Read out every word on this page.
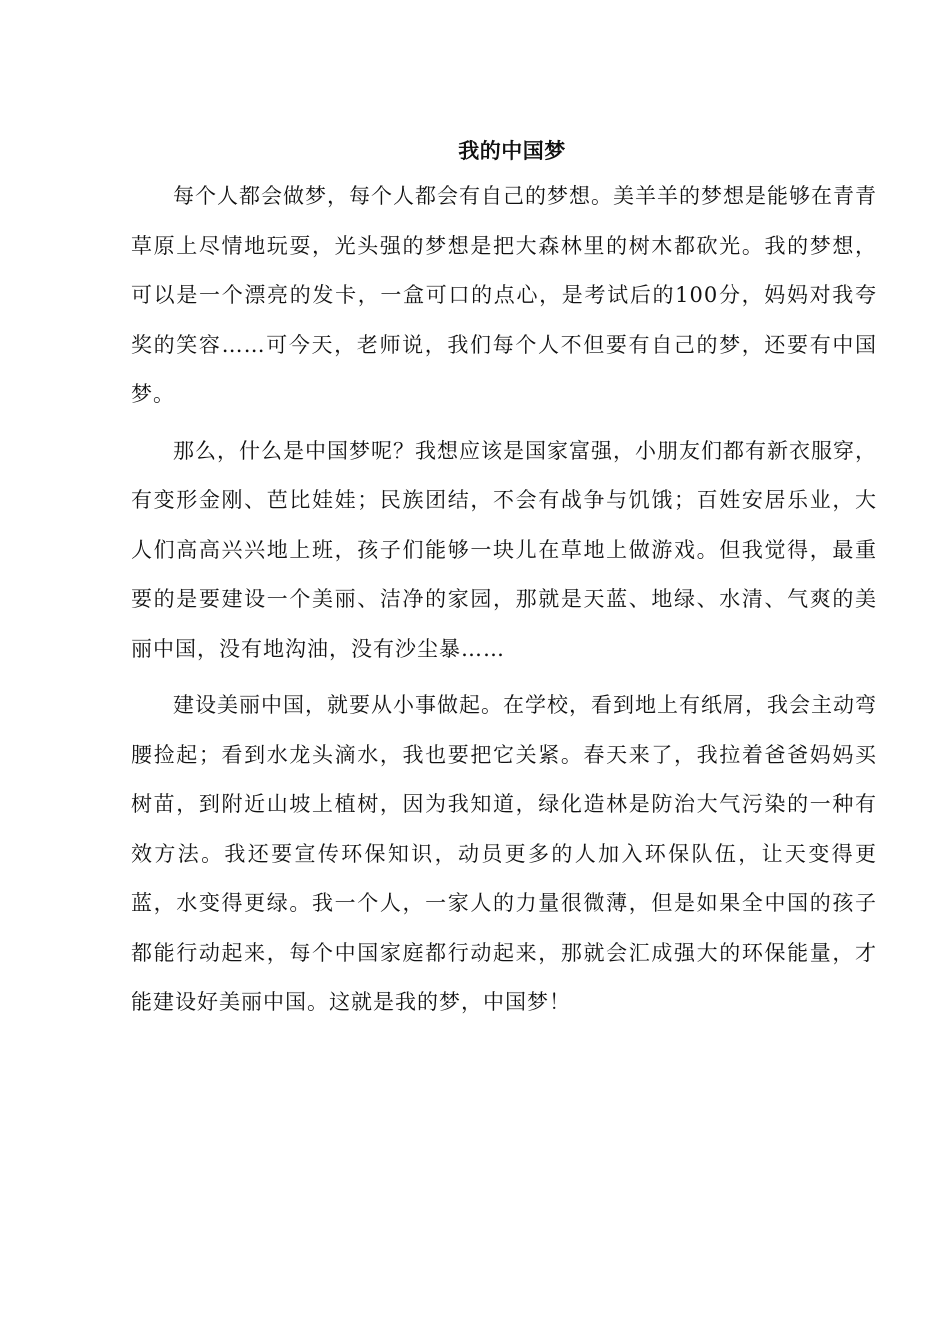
我的中国梦

每个人都会做梦，每个人都会有自己的梦想。美羊羊的梦想是能够在青青草原上尽情地玩耍，光头强的梦想是把大森林里的树木都砍光。我的梦想，可以是一个漂亮的发卡，一盒可口的点心，是考试后的100分，妈妈对我夸奖的笑容……可今天，老师说，我们每个人不但要有自己的梦，还要有中国梦。

那么，什么是中国梦呢？我想应该是国家富强，小朋友们都有新衣服穿，有变形金刚、芭比娃娃；民族团结，不会有战争与饥饿；百姓安居乐业，大人们高高兴兴地上班，孩子们能够一块儿在草地上做游戏。但我觉得，最重要的是要建设一个美丽、洁净的家园，那就是天蓝、地绿、水清、气爽的美丽中国，没有地沟油，没有沙尘暴……

建设美丽中国，就要从小事做起。在学校，看到地上有纸屑，我会主动弯腰捡起；看到水龙头滴水，我也要把它关紧。春天来了，我拉着爸爸妈妈买树苗，到附近山坡上植树，因为我知道，绿化造林是防治大气污染的一种有效方法。我还要宣传环保知识，动员更多的人加入环保队伍，让天变得更蓝，水变得更绿。我一个人，一家人的力量很微薄，但是如果全中国的孩子都能行动起来，每个中国家庭都行动起来，那就会汇成强大的环保能量，才能建设好美丽中国。这就是我的梦，中国梦！
